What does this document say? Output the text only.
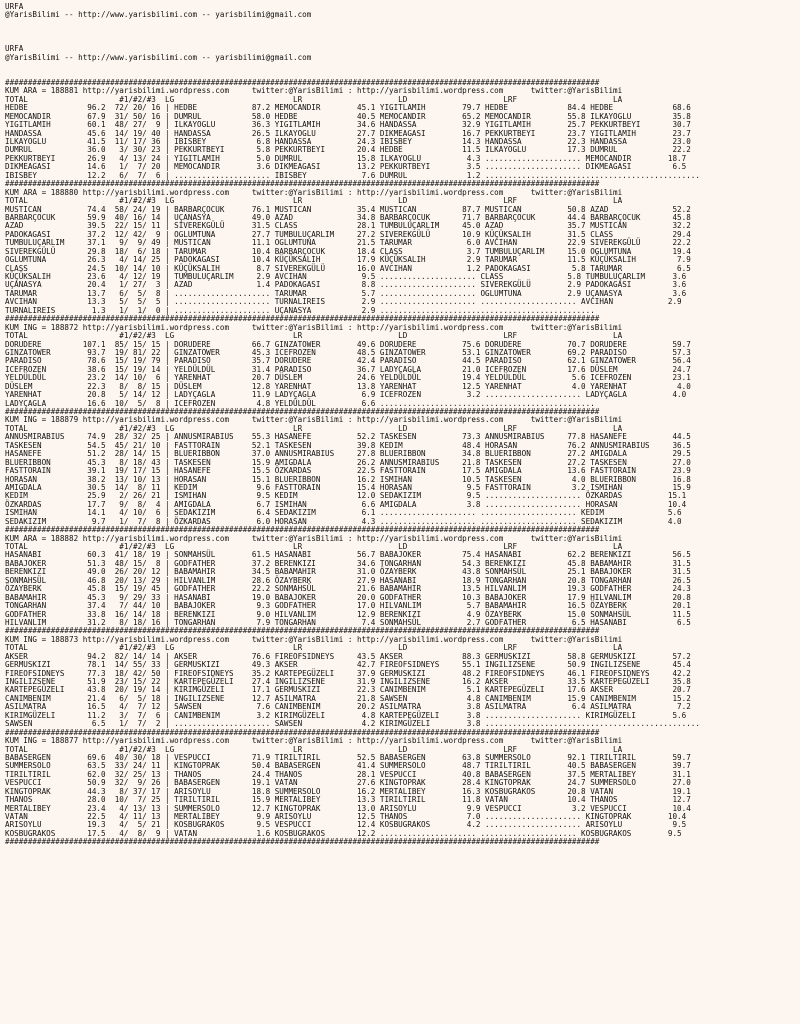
URFA
@YarisBilimi -- http://www.yarisbilimi.com -- yarisbilimi@gmail.com
URFA
@YarisBilimi -- http://www.yarisbilimi.com -- yarisbilimi@gmail.com
##################################################################################################################################
KUM ARA = 188881 http://yarisbilimi.wordpress.com     twitter:@YarisBilimi : http://yarisbilimi.wordpress.com      twitter:@YarisBilimi
TOTAL                    #1/#2/#3  LG                          LR                     LD                     LRF                     LA
HEDBE             96.2  72/ 20/ 16 | HEDBE            87.2 MEMOCANDIR        45.1 YIGITLAMIH        79.7 HEDBE             84.4 HEDBE             68.6
MEMOCANDIR        67.9  31/ 50/ 16 | DUMRUL           58.0 HEDBE             40.5 MEMOCANDIR        65.2 MEMOCANDIR        55.8 ILKAYOGLU         35.8
YIGITLAMIH        60.1  48/ 27/  9 | ILKAYOGLU        36.3 YIGITLAMIH        34.6 HANDASSA          32.9 YIGITLAMIH        25.7 PEKKURTBEYI       30.7
HANDASSA          45.6  14/ 19/ 40 | HANDASSA         26.5 ILKAYOGLU         27.7 DIKMEAGASI        16.7 PEKKURTBEYI       23.7 YIGITLAMIH        23.7
ILKAYOGLU         41.5  11/ 17/ 36 | IBISBEY           6.8 HANDASSA          24.3 IBISBEY           14.3 HANDASSA          22.3 HANDASSA          23.0
DUMRUL            36.0   3/ 30/ 23 | PEKKURTBEYI       5.8 PEKKURTBEYI       20.4 HEDBE             11.5 ILKAYOGLU         17.3 DUMRUL            22.2
PEKKURTBEYI       26.9   4/ 13/ 24 | YIGITLAMIH        5.0 DUMRUL            15.8 ILKAYOGLU          4.3 ..................... MEMOCANDIR        18.7
DIKMEAGASI        14.6   1/  7/ 20 | MEMOCANDIR        3.6 DIKMEAGASI        13.2 PEKKURTBEYI        3.5 ..................... DIKMEAGASI         6.5
IBISBEY           12.2   6/  7/  6 | ..................... IBISBEY            7.6 DUMRUL             1.2 ...............................................
##################################################################################################################################
KUM ARA = 188880 http://yarisbilimi.wordpress.com     twitter:@YarisBilimi : http://yarisbilimi.wordpress.com      twitter:@YarisBilimi
TOTAL                    #1/#2/#3  LG                          LR                     LD                     LRF                     LA
MUSTICAN          74.4  58/ 24/ 19 | BARBARÇOCUK      76.1 MUSTICAN          35.4 MUSTICAN          87.7 MUSTICAN          50.8 AZAD              52.2
BARBARÇOCUK       59.9  40/ 16/ 14 | UÇANASYA         49.0 AZAD              34.8 BARBARÇOCUK       71.7 BARBARÇOCUK       44.4 BARBARÇOCUK       45.8
AZAD              39.5  22/ 15/ 11 | SIVEREKGÜLÜ      31.5 CLASS             28.1 TUMBULUÇARLIM     45.0 AZAD              35.7 MUSTICAN          32.2
PADOKAGASI        37.2  12/ 42/  9 | OGLUMTUNA        27.7 TUMBULUÇARLIM     27.2 SIVEREKGÜLÜ       10.9 KÜÇÜKSALIH        31.5 CLASS             29.4
TUMBULUÇARLIM     37.1   9/  9/ 49 | MUSTICAN         11.1 OGLUMTUNA         21.5 TARUMAR            6.0 AVCIHAN           22.9 SIVEREKGÜLÜ       22.2
SIVEREKGÜLÜ       29.8  18/  6/ 18 | TARUMAR          10.4 BARBARÇOCUK       18.4 CLASS              3.7 TUMBULUÇARLIM     15.0 OGLUMTUNA         19.4
OGLUMTUNA         26.3   4/ 14/ 25 | PADOKAGASI       10.4 KÜÇÜKSALIH        17.9 KÜÇÜKSALIH         2.9 TARUMAR           11.5 KÜÇÜKSALIH         7.9
CLASS             24.5  10/ 14/ 10 | KÜÇÜKSALIH        8.7 SIVEREKGÜLÜ       16.0 AVCIHAN            1.2 PADOKAGASI         5.8 TARUMAR            6.5
KÜÇÜKSALIH        23.6   4/ 12/ 19 | TUMBULUÇARLIM     2.9 AVCIHAN            9.5 ..................... CLASS              5.8 TUMBULUÇARLIM      3.6
UÇANASYA          20.4   1/ 27/  3 | AZAD              1.4 PADOKAGASI         8.8 ..................... SIVEREKGÜLÜ        2.9 PADOKAGASI         3.6
TARUMAR           13.7   6/  5/  8 | ..................... TARUMAR            5.7 ..................... OGLUMTUNA          2.9 UÇANASYA           3.6
AVCIHAN           13.3   5/  5/  5 | ..................... TURNALIREIS        2.9 ..................... ..................... AVCIHAN            2.9
TURNALIREIS        1.3   1/  1/  0 | ..................... UÇANASYA           2.9 ...............................................
##################################################################################################################################
KUM ING = 188872 http://yarisbilimi.wordpress.com     twitter:@YarisBilimi : http://yarisbilimi.wordpress.com      twitter:@YarisBilimi
TOTAL                    #1/#2/#3  LG                          LR                     LD                     LRF                     LA
DORUDERE         107.1  85/ 15/ 15 | DORUDERE         66.7 GINZATOWER        49.6 DORUDERE          75.6 DORUDERE          70.7 DORUDERE          59.7
GINZATOWER        93.7  19/ 81/ 22 | GINZATOWER       45.3 ICEFROZEN         48.5 GINZATOWER        53.1 GINZATOWER        69.2 PARADISO          57.3
PARADISO          78.6  15/ 19/ 79 | PARADISO         35.7 DORUDERE          42.4 PARADISO          44.5 PARADISO          62.1 GINZATOWER        56.4
ICEFROZEN         38.6  15/ 19/ 14 | YELDÜLDÜL        31.4 PARADISO          36.7 LADYÇAGLA         21.0 ICEFROZEN         17.6 DÜSLEM            24.7
YELDÜLDÜL         23.2  14/ 10/  6 | YARENHAT         20.7 DÜSLEM            24.6 YELDÜLDÜL         19.4 YELDÜLDÜL          5.6 ICEFROZEN         23.1
DÜSLEM            22.3   8/  8/ 15 | DÜSLEM           12.8 YARENHAT          13.8 YARENHAT          12.5 YARENHAT           4.0 YARENHAT           4.0
YARENHAT          20.8   5/ 14/ 12 | LADYÇAGLA        11.9 LADYÇAGLA          6.9 ICEFROZEN          3.2 ..................... LADYÇAGLA          4.0
LADYÇAGLA         16.6  10/  5/  8 | ICEFROZEN         4.8 YELDÜLDÜL          6.6 ...............................................
##################################################################################################################################
KUM ING = 188879 http://yarisbilimi.wordpress.com     twitter:@YarisBilimi : http://yarisbilimi.wordpress.com      twitter:@YarisBilimi
TOTAL                    #1/#2/#3  LG                          LR                     LD                     LRF                     LA
ANNUSMIRABIUS     74.9  28/ 32/ 25 | ANNUSMIRABIUS    55.3 HASANEFE          52.2 TASKESEN          73.3 ANNUSMIRABIUS     77.8 HASANEFE          44.5
TASKESEN          54.5  45/ 21/ 10 | FASTTORAIN       52.1 TASKESEN          39.8 KEDIM             48.4 HORASAN           76.2 ANNUSMIRABIUS     36.5
HASANEFE          51.2  28/ 14/ 15 | BLUERIBBON       37.0 ANNUSMIRABIUS     27.8 BLUERIBBON        34.8 BLUERIBBON        27.2 AMIGDALA          29.5
BLUERIBBON        45.3   8/ 18/ 43 | TASKESEN         15.9 AMIGDALA          26.2 ANNUSMIRABIUS     21.8 TASKESEN          27.2 TASKESEN          27.0
FASTTORAIN        39.1  19/ 17/ 15 | HASANEFE         15.5 ÖZKARDAS          22.5 FASTTORAIN        17.5 AMIGDALA          13.6 FASTTORAIN        23.9
HORASAN           38.2  13/ 10/ 13 | HORASAN          15.1 BLUERIBBON        16.2 ISMIHAN           10.5 TASKESEN           4.0 BLUERIBBON        16.8
AMIGDALA          30.5  14/  8/ 11 | KEDIM             9.6 FASTTORAIN        15.4 HORASAN            9.5 FASTTORAIN         3.2 ISMIHAN           15.9
KEDIM             25.9   2/ 26/ 21 | ISMIHAN           9.5 KEDIM             12.0 SEDAKIZIM          9.5 ..................... ÖZKARDAS          15.1
ÖZKARDAS          17.7   9/  8/  4 | AMIGDALA          6.7 ISMIHAN            6.6 AMIGDALA           3.8 ..................... HORASAN           10.4
ISMIHAN           14.1   4/ 10/  6 | SEDAKIZIM         6.4 SEDAKIZIM          6.1 ..................... ..................... KEDIM              5.6
SEDAKIZIM          9.7   1/  7/  8 | ÖZKARDAS          6.0 HORASAN            4.3 ..................... ..................... SEDAKIZIM          4.0
##################################################################################################################################
KUM ARA = 188882 http://yarisbilimi.wordpress.com     twitter:@YarisBilimi : http://yarisbilimi.wordpress.com      twitter:@YarisBilimi
TOTAL                    #1/#2/#3  LG                          LR                     LD                     LRF                     LA
HASANABI          60.3  41/ 18/ 19 | SONMAHSÜL        61.5 HASANABI          56.7 BABAJOKER         75.4 HASANABI          62.2 BERENKIZI         56.5
BABAJOKER         51.3  48/ 15/  8 | GODFATHER        37.2 BERENKIZI         34.6 TONGARHAN         54.3 BERENKIZI         45.8 BABAMAHIR         31.5
BERENKIZI         49.0  26/ 20/ 12 | BABAMAHIR        34.5 BABAMAHIR         31.0 ÖZAYBERK          43.8 SONMAHSÜL         25.1 BABAJOKER         31.5
SONMAHSÜL         46.8  20/ 13/ 29 | HILVANLIM        28.6 ÖZAYBERK          27.9 HASANABI          18.9 TONGARHAN         20.8 TONGARHAN         26.5
ÖZAYBERK          45.8  15/ 19/ 45 | GODFATHER        22.2 SONMAHSÜL         21.6 BABAMAHIR         13.5 HILVANLIM         19.3 GODFATHER         24.3
BABAMAHIR         45.3   9/ 29/ 33 | HASANABI         19.0 BABAJOKER         20.0 GODFATHER         10.3 BABAJOKER         17.9 HILVANLIM         20.8
TONGARHAN         37.4   7/ 44/ 10 | BABAJOKER         9.3 GODFATHER         17.0 HILVANLIM          5.7 BABAMAHIR         16.5 ÖZAYBERK          20.1
GODFATHER         33.8  16/ 14/ 18 | BERENKIZI         9.0 HILVANLIM         12.9 BERENKIZI          4.9 ÖZAYBERK          15.0 SONMAHSÜL         11.5
HILVANLIM         31.2   8/ 18/ 16 | TONGARHAN         7.9 TONGARHAN          7.4 SONMAHSÜL          2.7 GODFATHER          6.5 HASANABI           6.5
##################################################################################################################################
KUM ING = 188873 http://yarisbilimi.wordpress.com     twitter:@YarisBilimi : http://yarisbilimi.wordpress.com      twitter:@YarisBilimi
TOTAL                    #1/#2/#3  LG                          LR                     LD                     LRF                     LA
AKSER             94.2  82/ 14/ 14 | AKSER            76.6 FIREOFSIDNEYS     43.5 AKSER             88.3 GERMUSKIZI        58.8 GERMUSKIZI        57.2
GERMUSKIZI        78.1  14/ 55/ 33 | GERMUSKIZI       49.3 AKSER             42.7 FIREOFSIDNEYS     55.1 INGILIZSENE       50.9 INGILIZSENE       45.4
FIREOFSIDNEYS     77.3  18/ 42/ 50 | FIREOFSIDNEYS    35.2 KARTEPEGÜZELI     37.9 GERMUSKIZI        48.2 FIREOFSIDNEYS     46.1 FIREOFSIDNEYS     42.2
INGILIZSENE       51.9  23/ 15/ 22 | KARTEPEGÜZELI    27.4 INGILIZSENE       31.9 INGILIZSENE       16.2 AKSER             33.5 KARTEPEGÜZELI     35.8
KARTEPEGÜZELI     43.8  20/ 19/ 14 | KIRIMGÜZELI      17.1 GERMUSKIZI        22.3 CANIMBENIM         5.1 KARTEPEGÜZELI     17.6 AKSER             20.7
CANIMBENIM        21.4   6/  5/ 18 | INGILIZSENE      12.7 ASILMATRA         21.8 SAWSEN             4.8 CANIMBENIM        15.9 CANIMBENIM        15.2
ASILMATRA         16.5   4/  7/ 12 | SAWSEN            7.6 CANIMBENIM        20.2 ASILMATRA          3.8 ASILMATRA          6.4 ASILMATRA          7.2
KIRIMGÜZELI       11.2   3/  7/  6 | CANIMBENIM        3.2 KIRIMGÜZELI        4.8 KARTEPEGÜZELI      3.8 ..................... KIRIMGÜZELI        5.6
SAWSEN             6.5   1/  7/  2 | ..................... SAWSEN             4.2 KIRIMGÜZELI        3.8 ...............................................
##################################################################################################################################
KUM ING = 188877 http://yarisbilimi.wordpress.com     twitter:@YarisBilimi : http://yarisbilimi.wordpress.com      twitter:@YarisBilimi
TOTAL                    #1/#2/#3  LG                          LR                     LD                     LRF                     LA
BABASERGEN        69.6  40/ 30/ 18 | VESPUCCI         71.9 TIRILTIRIL        52.5 BABASERGEN        63.8 SUMMERSOLO        92.1 TIRILTIRIL        59.7
SUMMERSOLO        63.5  33/ 24/ 11 | KINGTOPRAK       50.4 BABASERGEN        41.4 SUMMERSOLO        48.7 TIRILTIRIL        40.5 BABASERGEN        39.7
TIRILTIRIL        62.0  32/ 25/ 13 | THANOS           24.4 THANOS            28.1 VESPUCCI          40.8 BABASERGEN        37.5 MERTALIBEY        31.1
VESPUCCI          50.9  32/  9/ 26 | BABASERGEN       19.1 VATAN             27.6 KINGTOPRAK        28.4 KINGTOPRAK        24.7 SUMMERSOLO        27.0
KINGTOPRAK        44.3   8/ 37/ 17 | ARISOYLU         18.8 SUMMERSOLO        16.2 MERTALIBEY        16.3 KOSBUGRAKOS       20.8 VATAN             19.1
THANOS            28.0  10/  7/ 25 | TIRILTIRIL       15.9 MERTALIBEY        13.3 TIRILTIRIL        11.8 VATAN             10.4 THANOS            12.7
MERTALIBEY        23.4   4/ 13/ 13 | SUMMERSOLO       12.7 KINGTOPRAK        13.0 ARISOYLU           9.9 VESPUCCI           3.2 VESPUCCI          10.4
VATAN             22.5   4/ 11/ 13 | MERTALIBEY        9.9 ARISOYLU          12.5 THANOS             7.0 ..................... KINGTOPRAK        10.4
ARISOYLU          19.3   4/  5/ 21 | KOSBUGRAKOS       9.5 VESPUCCI          12.4 KOSBUGRAKOS        4.2 ..................... ARISOYLU           9.5
KOSBUGRAKOS       17.5   4/  8/  9 | VATAN             1.6 KOSBUGRAKOS       12.2 ..................... ..................... KOSBUGRAKOS        9.5
##################################################################################################################################
